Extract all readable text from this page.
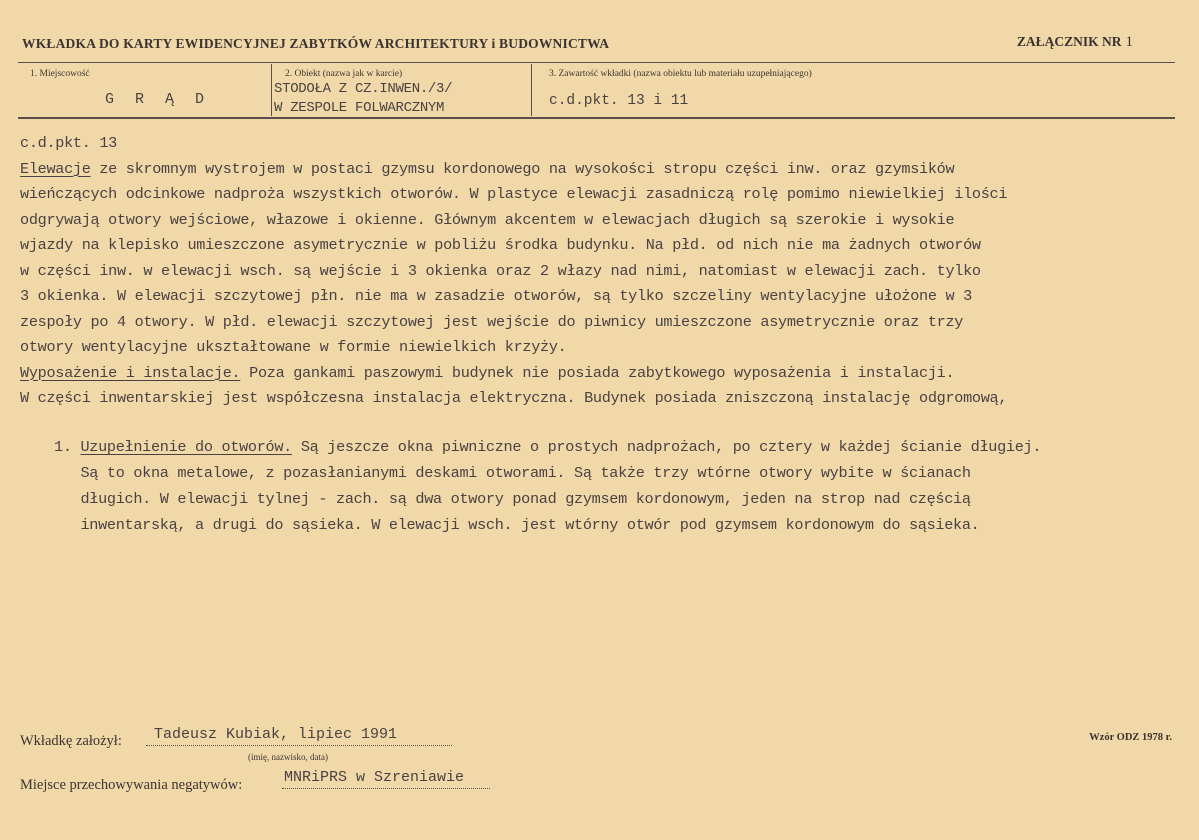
WKŁADKA DO KARTY EWIDENCYJNEJ ZABYTKÓW ARCHITEKTURY i BUDOWNICTWA	ZAŁĄCZNIK NR 1
1. Miejscowość
G R Ą D
2. Obiekt (nazwa jak w karcie)
STODOŁA Z CZ.INWEN./3/
W ZESPOLE FOLWARCZNYM
3. Zawartość wkładki (nazwa obiektu lub materiału uzupełniającego)
c.d.pkt. 13 i 11
c.d.pkt. 13
Elewacje ze skromnym wystrojem w postaci gzymsu kordonowego na wysokości stropu części inw. oraz gzymsików
wieńczących odcinkowe nadproża wszystkich otworów. W plastyce elewacji zasadniczą rolę pomimo niewielkiej ilości
odgrywają otwory wejściowe, włazowe i okienne. Głównym akcentem w elewacjach długich są szerokie i wysokie
wjazdy na klepisko umieszczone asymetrycznie w pobliżu środka budynku. Na płd. od nich nie ma żadnych otworów
w części inw. w elewacji wsch. są wejście i 3 okienka oraz 2 włazy nad nimi, natomiast w elewacji zach. tylko
3 okienka. W elewacji szczytowej płn. nie ma w zasadzie otworów, są tylko szczeliny wentylacyjne ułożone w 3
zespoły po 4 otwory. W płd. elewacji szczytowej jest wejście do piwnicy umieszczone asymetrycznie oraz trzy
otwory wentylacyjne ukształtowane w formie niewielkich krzyży.
Wyposażenie i instalacje. Poza gankami paszowymi budynek nie posiada zabytkowego wyposażenia i instalacji.
W części inwentarskiej jest współczesna instalacja elektryczna. Budynek posiada zniszczoną instalację odgromową,
1. Uzupełnienie do otworów. Są jeszcze okna piwniczne o prostych nadprożach, po cztery w każdej ścianie długiej.
Są to okna metalowe, z pozasłanianymi deskami otworami. Są także trzy wtórne otwory wybite w ścianach
długich. W elewacji tylnej - zach. są dwa otwory ponad gzymsem kordonowym, jeden na strop nad częścią
inwentarską, a drugi do sąsieka. W elewacji wsch. jest wtórny otwór pod gzymsem kordonowym do sąsieka.
Wkładkę założył: Tadeusz Kubiak, lipiec 1991
(imię, nazwisko, data)
Miejsce przechowywania negatywów:	MNRiPRS w Szreniawie
Wzór ODZ 1978 r.
